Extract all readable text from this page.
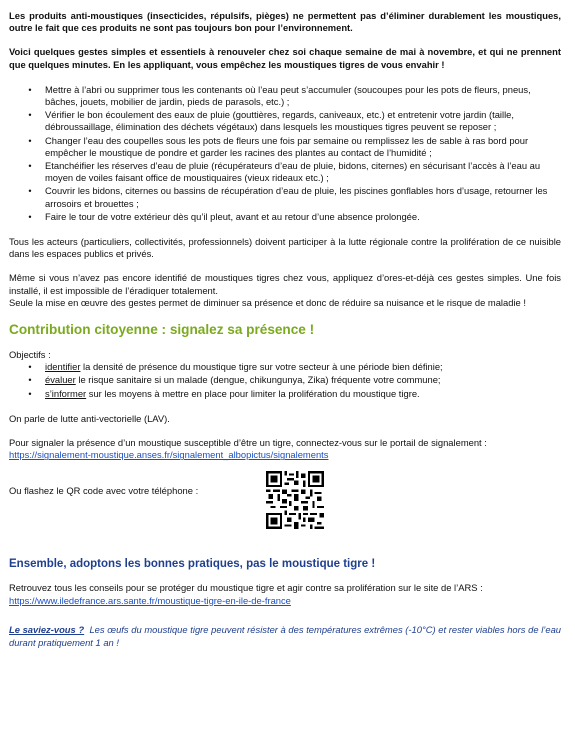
Les produits anti-moustiques (insecticides, répulsifs, pièges) ne permettent pas d’éliminer durablement les moustiques, outre le fait que ces produits ne sont pas toujours bon pour l’environnement.

Voici quelques gestes simples et essentiels à renouveler chez soi chaque semaine de mai à novembre, et qui ne prennent que quelques minutes. En les appliquant, vous empêchez les moustiques tigres de vous envahir !

•	Mettre à l’abri ou supprimer tous les contenants où l’eau peut s’accumuler (soucoupes pour les pots de fleurs, pneus, bâches, jouets, mobilier de jardin, pieds de parasols, etc.) ;
•	Vérifier le bon écoulement des eaux de pluie (gouttières, regards, caniveaux, etc.) et entretenir votre jardin (taille, débroussaillage, élimination des déchets végétaux) dans lesquels les moustiques tigres peuvent se reposer ;
•	Changer l’eau des coupelles sous les pots de fleurs une fois par semaine ou remplissez les de sable à ras bord pour empêcher le moustique de pondre et garder les racines des plantes au contact de l’humidité ;
•	Etanchéifier les réserves d’eau de pluie (récupérateurs d’eau de pluie, bidons, citernes) en sécurisant l’accès à l’eau au moyen de voiles faisant office de moustiquaires (vieux rideaux etc.) ;
•	Couvrir les bidons, citernes ou bassins de récupération d’eau de pluie, les piscines gonflables hors d’usage, retourner les arrosoirs et brouettes ;
•	Faire le tour de votre extérieur dès qu’il pleut, avant et au retour d’une absence prolongée.

Tous les acteurs (particuliers, collectivités, professionnels) doivent participer à la lutte régionale contre la prolifération de ce nuisible dans les espaces publics et privés.

Même si vous n’avez pas encore identifié de moustiques tigres chez vous, appliquez d’ores-et-déjà ces gestes simples. Une fois installé, il est impossible de l’éradiquer totalement.

Seule la mise en œuvre des gestes permet de diminuer sa présence et donc de réduire sa nuisance et le risque de maladie !

Contribution citoyenne : signalez sa présence !

Objectifs :

•	identifier la densité de présence du moustique tigre sur votre secteur à une période bien définie;
•	évaluer le risque sanitaire si un malade (dengue, chikungunya, Zika) fréquente votre commune;
•	s’informer sur les moyens à mettre en place pour limiter la prolifération du moustique tigre.

On parle de lutte anti-vectorielle (LAV).

Pour signaler la présence d’un moustique susceptible d’être un tigre, connectez-vous sur le portail de signalement :

https://signalement-moustique.anses.fr/signalement_albopictus/signalements

Ou flashez le QR code avec votre téléphone :

Ensemble, adoptons les bonnes pratiques, pas le moustique tigre !

Retrouvez tous les conseils pour se protéger du moustique tigre et agir contre sa prolifération sur le site de l’ARS :

https://www.iledefrance.ars.sante.fr/moustique-tigre-en-ile-de-france

Le saviez-vous ? Les œufs du moustique tigre peuvent résister à des températures extrêmes (-10°C) et rester viables hors de l’eau durant pratiquement 1 an !
